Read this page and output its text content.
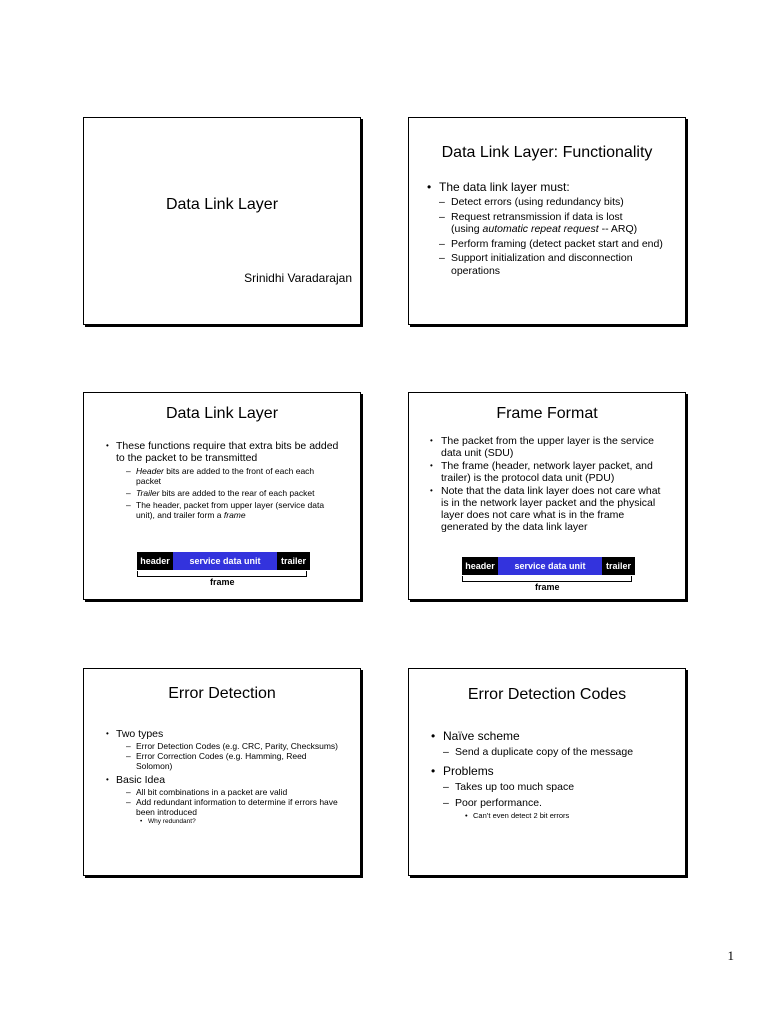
Data Link Layer
Srinidhi Varadarajan
Data Link Layer: Functionality
• The data link layer must:
– Detect errors (using redundancy bits)
– Request retransmission if data is lost
(using automatic repeat request -- ARQ)
– Perform framing (detect packet start and end)
– Support initialization and disconnection operations
Data Link Layer
• These functions require that extra bits be added to the packet to be transmitted
– Header bits are added to the front of each each packet
– Trailer bits are added to the rear of each packet
– The header, packet from upper layer (service data unit), and trailer form a frame
header	service data unit	trailer
frame
Frame Format
• The packet from the upper layer is the service data unit (SDU)
• The frame (header, network layer packet, and trailer) is the protocol data unit (PDU)
• Note that the data link layer does not care what is in the network layer packet and the physical layer does not care what is in the frame generated by the data link layer
header	service data unit	trailer
frame
Error Detection
• Two types
– Error Detection Codes (e.g. CRC, Parity, Checksums)
– Error Correction Codes (e.g. Hamming, Reed Solomon)
• Basic Idea
– All bit combinations in a packet are valid
– Add redundant information to determine if errors have been introduced
• Why redundant?
Error Detection Codes
• Naïve scheme
– Send a duplicate copy of the message
• Problems
– Takes up too much space
– Poor performance.
• Can’t even detect 2 bit errors
1
